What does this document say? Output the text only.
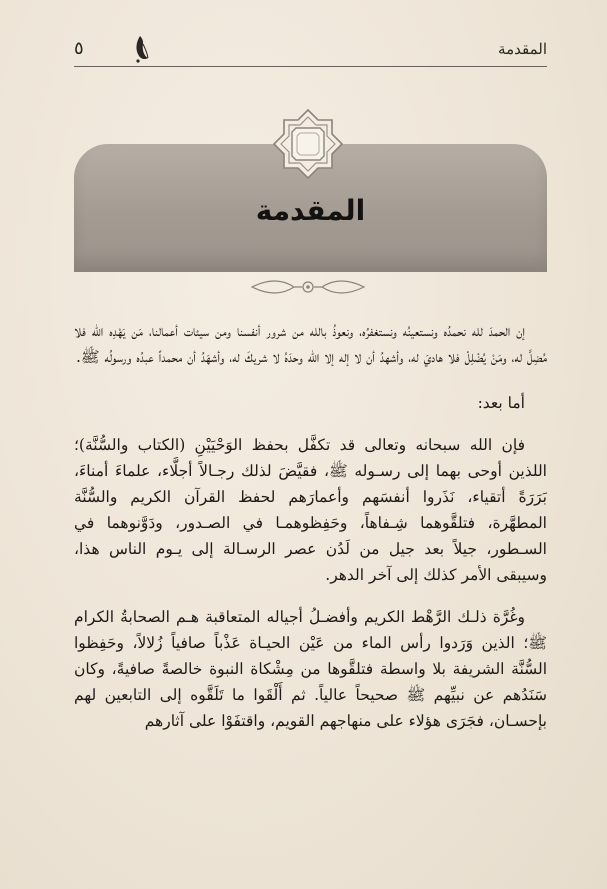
المقدمة
٥
المقدمة

إن الحمدَ لله نحمدُه ونستعينُه ونستغفرُه، ونعوذُ بالله من شرور أنفسنا ومن سيئات أعمالنا، مَن يَهْدِه الله فلا مُضِلَّ له، ومَنْ يُضْلِلْ فلا هاديَ له، وأشهدُ أن لا إله إلا الله وحدَهُ لا شريكَ له، وأشهَدُ أن محمداً عبدُه ورسولُه ﷺ.

أما بعد:

فإن الله سبحانه وتعالى قد تكفَّل بحفظ الوَحْيَيْنِ (الكتاب والسُّنَّة)؛ اللذين أوحى بهما إلى رسـوله ﷺ، فقيَّضَ لذلك رجـالاً أجلَّاء، علماءَ أمناءَ، بَرَرَةً أتقياء، نَذَروا أنفسَهم وأعمارَهم لحفظ القرآن الكريم والسُّنَّة المطهَّرة، فتلقَّوهما شِـفاهاً، وحَفِظوهمـا في الصـدور، ودَوَّنوهما في السـطور، جيلاً بعد جيل من لَدُن عصر الرسـالة إلى يـوم الناس هذا، وسيبقى الأمر كذلك إلى آخر الدهر.

وغُرَّة ذلـك الرَّهْط الكريم وأفضـلُ أجياله المتعاقبة هـم الصحابةُ الكرام ﷺ؛ الذين وَرَدوا رأس الماء من عَيْن الحيـاة عَذْباً صافياً زُلالاً، وحَفِظوا السُّنَّة الشريفة بلا واسطة فتلقَّوها من مِشْكاة النبوة خالصةً صافيةً، وكان سَنَدُهم عن نبيِّهم ﷺ صحيحاً عالياً. ثم أَلْقَوا ما تَلَقَّوه إلى التابعين لهم بإحسـان، فجَرَى هؤلاء على منهاجهم القويم، واقتفَوْا على آثارهم
